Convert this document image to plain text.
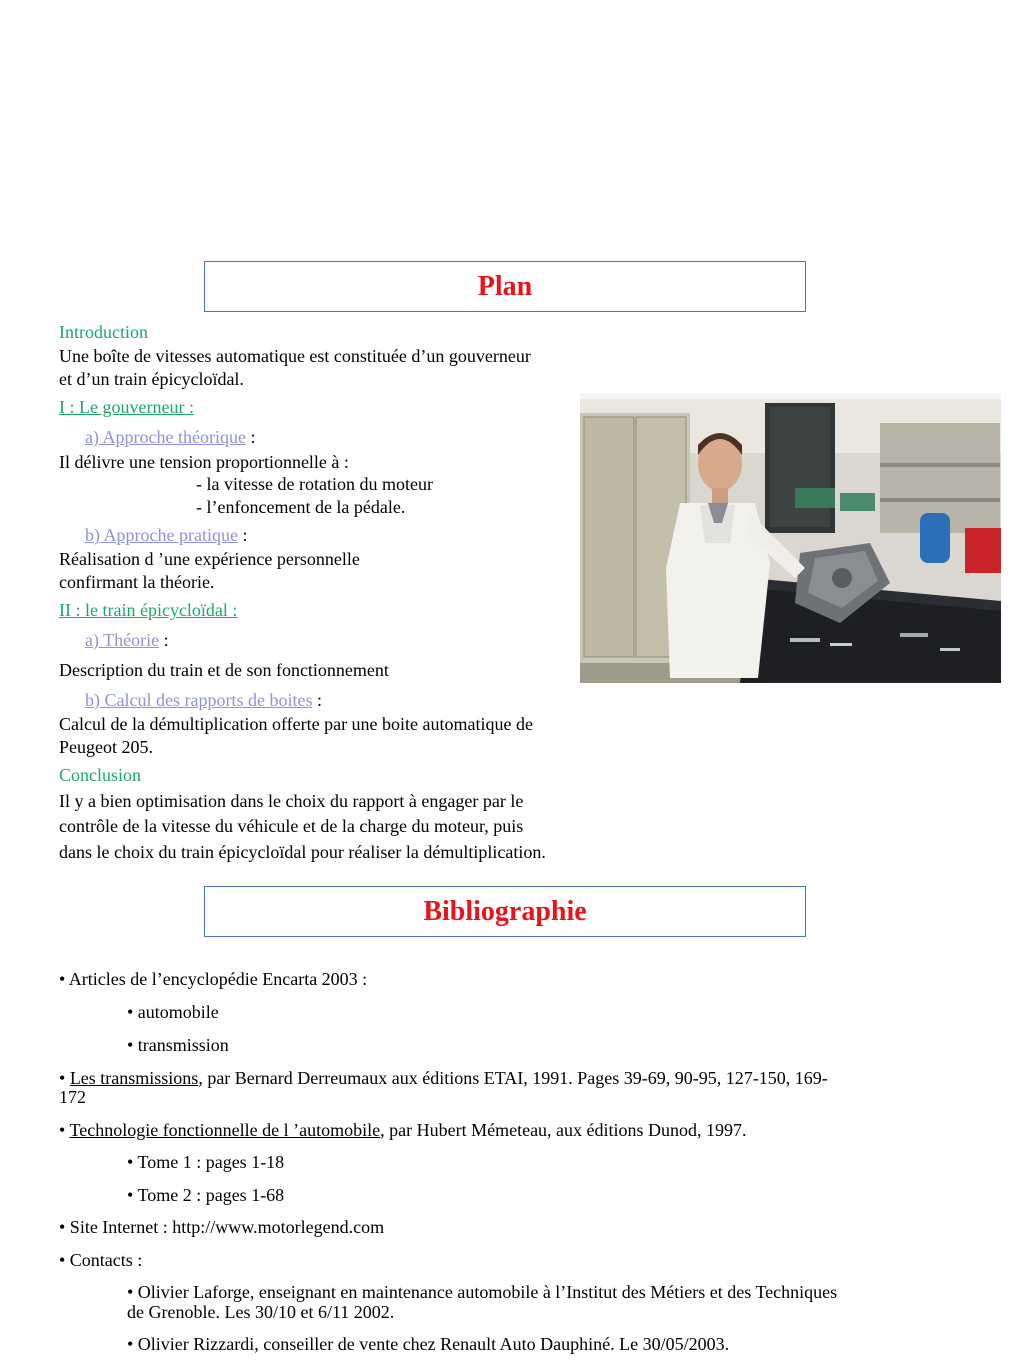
Plan
Introduction
Une boîte de vitesses automatique est constituée d’un gouverneur
et d’un train épicycloïdal.
I : Le gouverneur :
a) Approche théorique :
Il délivre une tension proportionnelle à :
- la vitesse de rotation du moteur
- l’enfoncement de la pédale.
b) Approche pratique :
Réalisation d ’une expérience personnelle
confirmant la théorie.
II : le train épicycloïdal :
a) Théorie :
Description du train et de son fonctionnement
b) Calcul des rapports de boites :
Calcul de la démultiplication offerte par une boite automatique de
Peugeot 205.
Conclusion
Il y a bien optimisation dans le choix du rapport à engager par le
contrôle de la vitesse du véhicule et de la charge du moteur, puis
dans le choix du train épicycloïdal pour réaliser la démultiplication.
Bibliographie
• Articles de l’encyclopédie Encarta 2003 :
• automobile
• transmission
• Les transmissions, par Bernard Derreumaux aux éditions ETAI, 1991. Pages 39-69, 90-95, 127-150, 169-
172
• Technologie fonctionnelle de l ’automobile, par Hubert Mémeteau, aux éditions Dunod, 1997.
• Tome 1 : pages 1-18
• Tome 2 : pages 1-68
• Site Internet : http://www.motorlegend.com
• Contacts :
• Olivier Laforge, enseignant en maintenance automobile à l’Institut des Métiers et des Techniques
de Grenoble. Les 30/10 et 6/11 2002.
• Olivier Rizzardi, conseiller de vente chez Renault Auto Dauphiné. Le 30/05/2003.
